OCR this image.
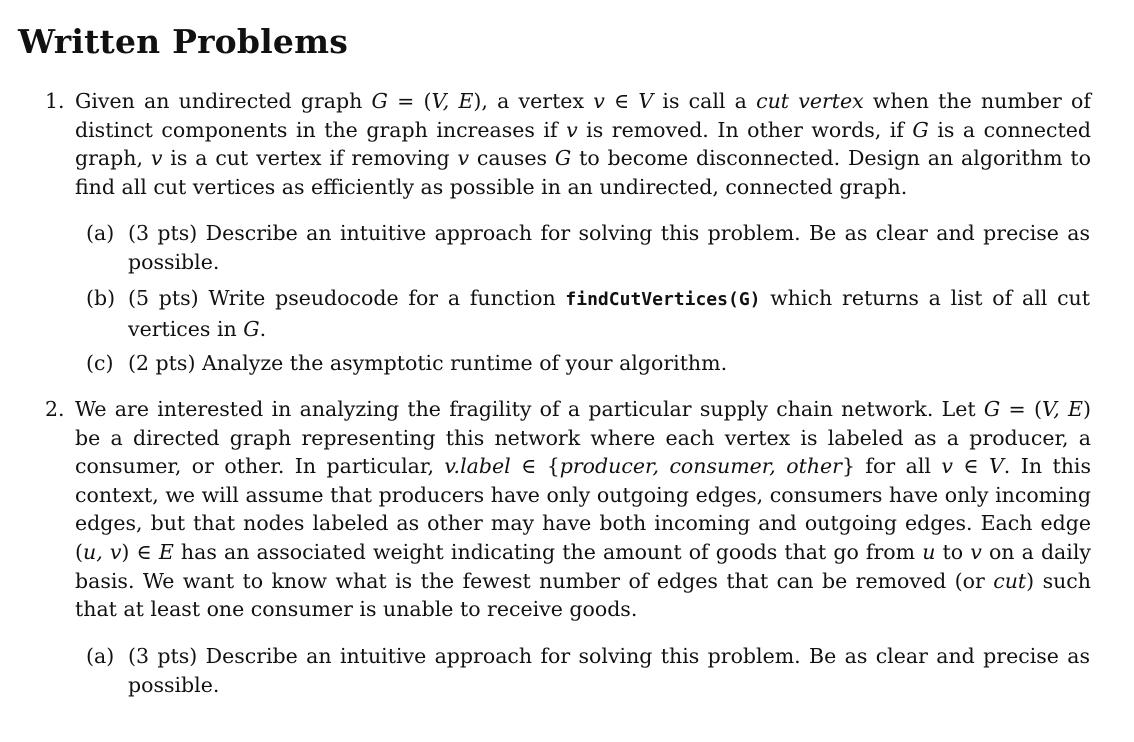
Written Problems
1. Given an undirected graph G = (V, E), a vertex v ∈ V is call a cut vertex when the number of distinct components in the graph increases if v is removed. In other words, if G is a connected graph, v is a cut vertex if removing v causes G to become disconnected. Design an algorithm to find all cut vertices as efficiently as possible in an undirected, connected graph.
(a) (3 pts) Describe an intuitive approach for solving this problem. Be as clear and precise as possible.
(b) (5 pts) Write pseudocode for a function findCutVertices(G) which returns a list of all cut vertices in G.
(c) (2 pts) Analyze the asymptotic runtime of your algorithm.
2. We are interested in analyzing the fragility of a particular supply chain network. Let G = (V, E) be a directed graph representing this network where each vertex is labeled as a producer, a consumer, or other. In particular, v.label ∈ {producer, consumer, other} for all v ∈ V. In this context, we will assume that producers have only outgoing edges, consumers have only incoming edges, but that nodes labeled as other may have both incoming and outgoing edges. Each edge (u, v) ∈ E has an associated weight indicating the amount of goods that go from u to v on a daily basis. We want to know what is the fewest number of edges that can be removed (or cut) such that at least one consumer is unable to receive goods.
(a) (3 pts) Describe an intuitive approach for solving this problem. Be as clear and precise as possible.
